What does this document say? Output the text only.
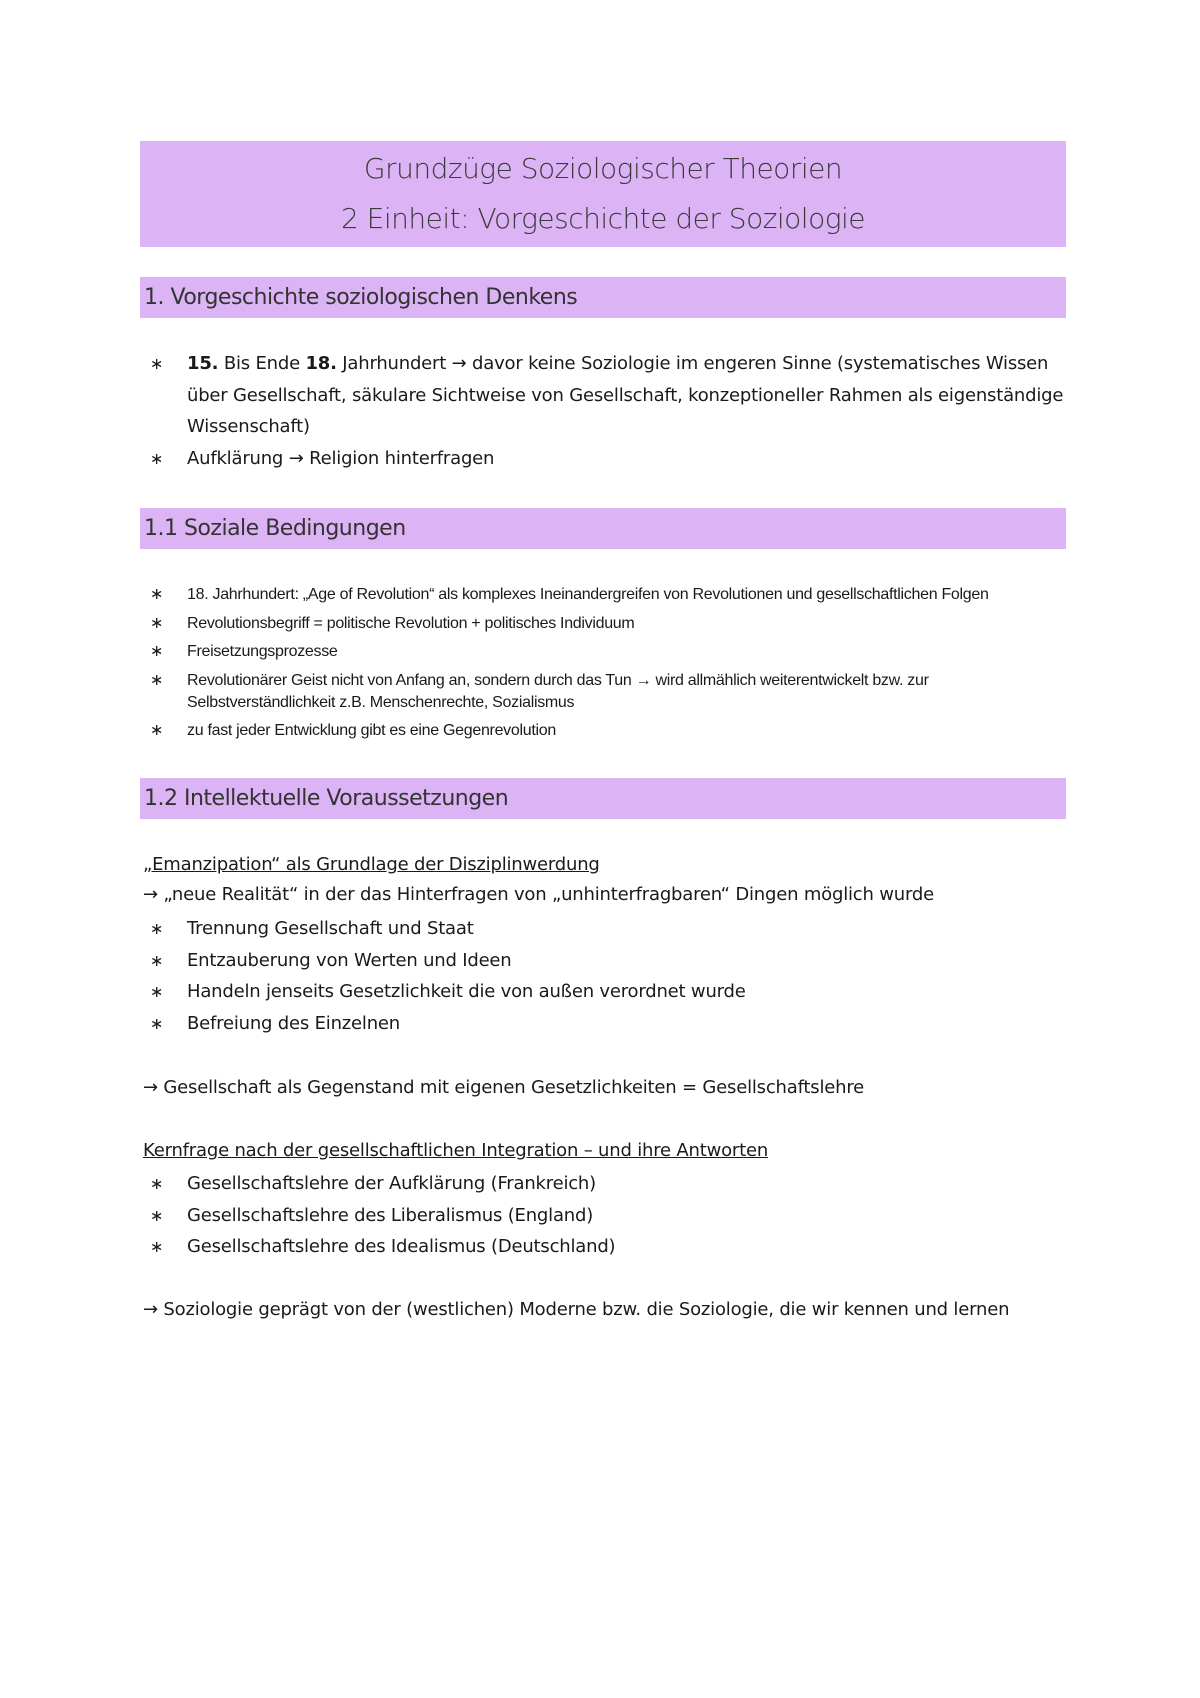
Grundzüge Soziologischer Theorien
2 Einheit: Vorgeschichte der Soziologie
1. Vorgeschichte soziologischen Denkens
∗ 15. Bis Ende 18. Jahrhundert → davor keine Soziologie im engeren Sinne (systematisches Wissen über Gesellschaft, säkulare Sichtweise von Gesellschaft, konzeptioneller Rahmen als eigenständige Wissenschaft)
∗ Aufklärung → Religion hinterfragen
1.1 Soziale Bedingungen
∗ 18. Jahrhundert: „Age of Revolution“ als komplexes Ineinandergreifen von Revolutionen und gesellschaftlichen Folgen
∗ Revolutionsbegriff = politische Revolution + politisches Individuum
∗ Freisetzungsprozesse
∗ Revolutionärer Geist nicht von Anfang an, sondern durch das Tun → wird allmählich weiterentwickelt bzw. zur Selbstverständlichkeit z.B. Menschenrechte, Sozialismus
∗ zu fast jeder Entwicklung gibt es eine Gegenrevolution
1.2 Intellektuelle Voraussetzungen
„Emanzipation“ als Grundlage der Disziplinwerdung
→ „neue Realität“ in der das Hinterfragen von „unhinterfragbaren“ Dingen möglich wurde
∗ Trennung Gesellschaft und Staat
∗ Entzauberung von Werten und Ideen
∗ Handeln jenseits Gesetzlichkeit die von außen verordnet wurde
∗ Befreiung des Einzelnen
→ Gesellschaft als Gegenstand mit eigenen Gesetzlichkeiten = Gesellschaftslehre
Kernfrage nach der gesellschaftlichen Integration – und ihre Antworten
∗ Gesellschaftslehre der Aufklärung (Frankreich)
∗ Gesellschaftslehre des Liberalismus (England)
∗ Gesellschaftslehre des Idealismus (Deutschland)
→ Soziologie geprägt von der (westlichen) Moderne bzw. die Soziologie, die wir kennen und lernen
